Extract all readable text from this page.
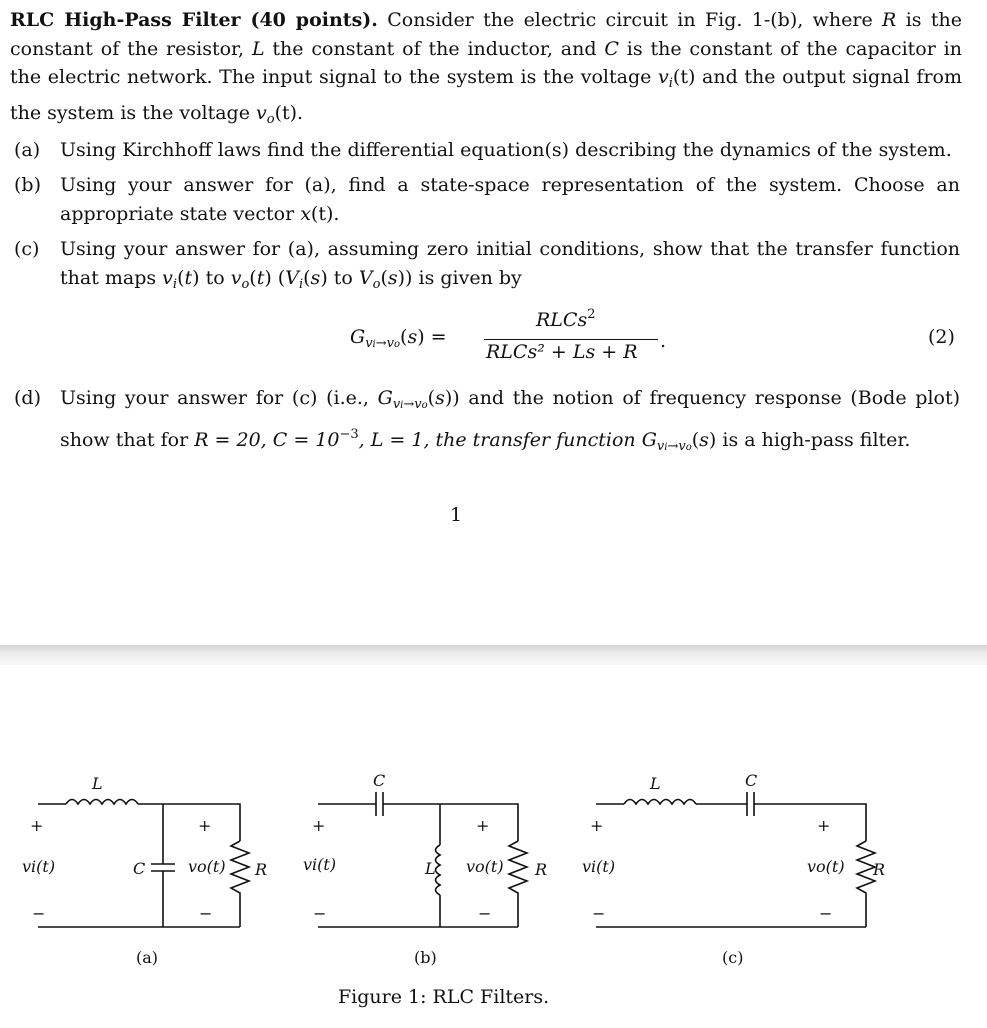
RLC High-Pass Filter (40 points). Consider the electric circuit in Fig. 1-(b), where R is the constant of the resistor, L the constant of the inductor, and C is the constant of the capacitor in the electric network. The input signal to the system is the voltage $v_i(t)$ and the output signal from the system is the voltage $v_o(t)$.
(a)	Using Kirchhoff laws find the differential equation(s) describing the dynamics of the system.
(b)	Using your answer for (a), find a state-space representation of the system. Choose an appropriate state vector x(t).
(c)	Using your answer for (a), assuming zero initial conditions, show that the transfer function that maps $v_i(t)$ to $v_o(t)$ ($V_i(s)$ to $V_o(s)$) is given by
$G_{vi\to vo}(s)$ =
RLCs$^2$
RLCs² + Ls + R .	(2)
(d)	Using your answer for (c) (i.e., $G_{vi\to vo}(s)$) and the notion of frequency response (Bode plot) show that for R = 20, $C = 10^{-3}$, L = 1, the transfer function $G_{vi\to vo}(s)$ is a high-pass filter.
1
L
C	R
+
−
vi(t)
+
−
vo(t)
(a)
C
L	R
+
−
vi(t)
+
−
vo(t)
(b)
L	C
R
+
−
vi(t)
+
−
vo(t)
(c)
Figure 1: RLC Filters.
